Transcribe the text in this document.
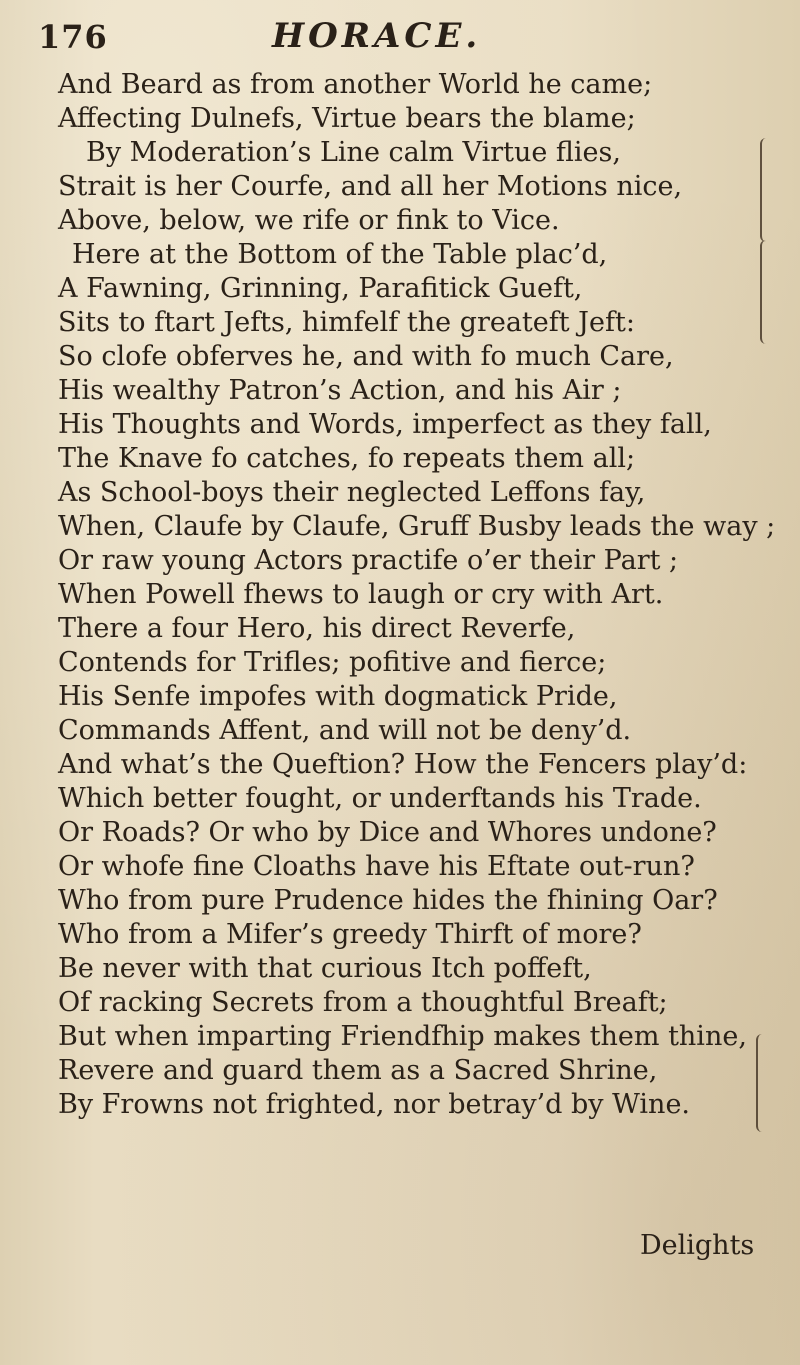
176	HORACE.
And Beard as from another World he came;
Affecting Dulnefs, Virtue bears the blame;
By Moderation’s Line calm Virtue flies,
Strait is her Courfe, and all her Motions nice,
Above, below, we rife or fink to Vice.
Here at the Bottom of the Table plac’d,
A Fawning, Grinning, Parafitick Gueft,
Sits to ftart Jefts, himfelf the greateft Jeft:
So clofe obferves he, and with fo much Care,
His wealthy Patron’s Action, and his Air ;
His Thoughts and Words, imperfect as they fall,
The Knave fo catches, fo repeats them all;
As School-boys their neglected Leffons fay,
When, Claufe by Claufe, Gruff Busby leads the way ;
Or raw young Actors practife o’er their Part ;
When Powell fhews to laugh or cry with Art.
There a four Hero, his direct Reverfe,
Contends for Trifles; pofitive and fierce;
His Senfe impofes with dogmatick Pride,
Commands Affent, and will not be deny’d.
And what’s the Queftion? How the Fencers play’d:
Which better fought, or underftands his Trade.
Or Roads? Or who by Dice and Whores undone?
Or whofe fine Cloaths have his Eftate out-run?
Who from pure Prudence hides the fhining Oar?
Who from a Mifer’s greedy Thirft of more?
Be never with that curious Itch poffeft,
Of racking Secrets from a thoughtful Breaft;
But when imparting Friendfhip makes them thine,
Revere and guard them as a Sacred Shrine,
By Frowns not frighted, nor betray’d by Wine.
Delights
